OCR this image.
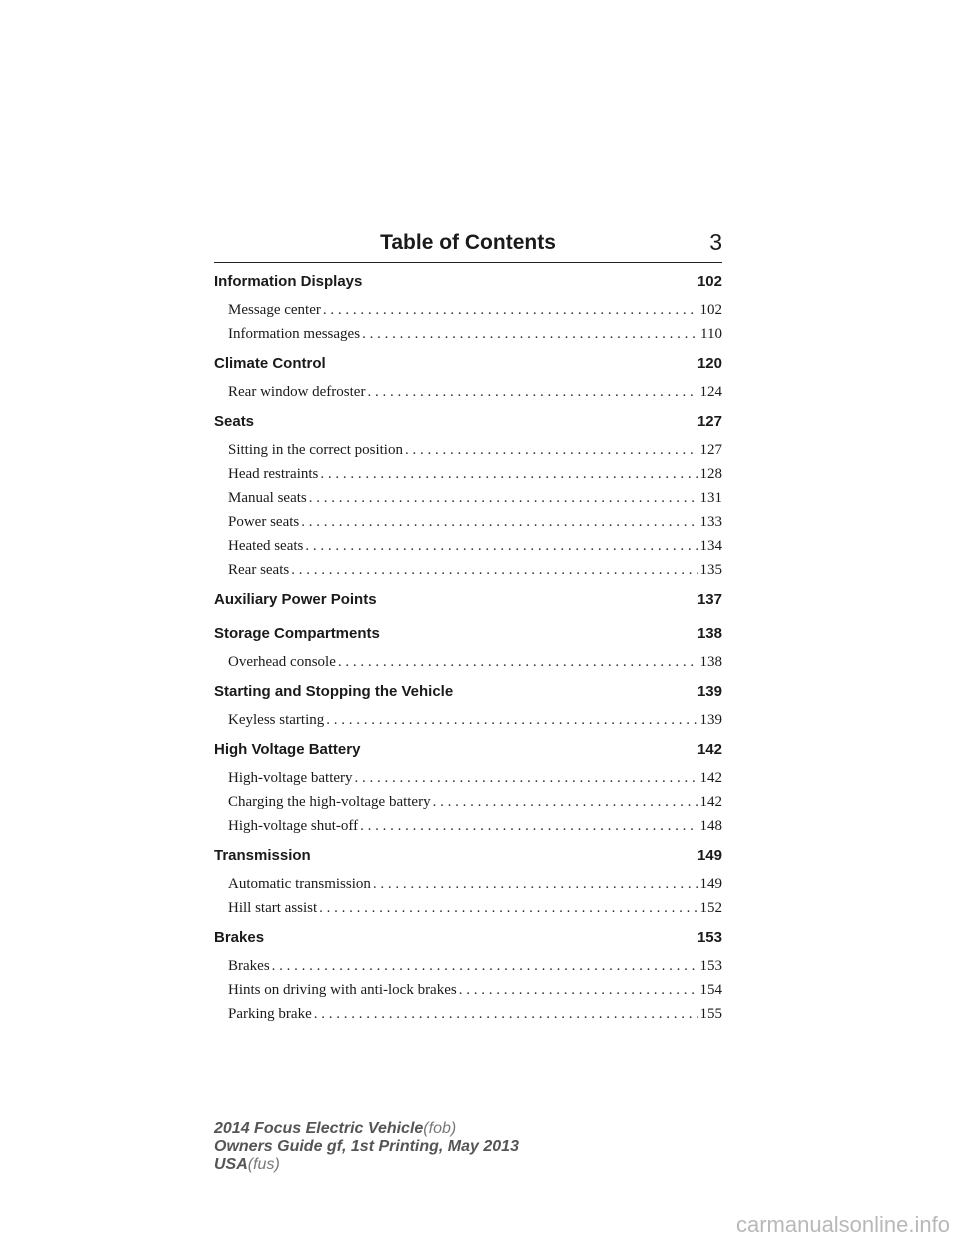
Table of Contents	3
Information Displays	102
Message center . . .	102
Information messages . . .	110
Climate Control	120
Rear window defroster . . .	124
Seats	127
Sitting in the correct position . . .	127
Head restraints . . .	128
Manual seats . . .	131
Power seats . . .	133
Heated seats . . .	134
Rear seats . . .	135
Auxiliary Power Points	137
Storage Compartments	138
Overhead console . . .	138
Starting and Stopping the Vehicle	139
Keyless starting . . .	139
High Voltage Battery	142
High-voltage battery . . .	142
Charging the high-voltage battery . . .	142
High-voltage shut-off . . .	148
Transmission	149
Automatic transmission . . .	149
Hill start assist . . .	152
Brakes	153
Brakes . . .	153
Hints on driving with anti-lock brakes . . .	154
Parking brake . . .	155
2014 Focus Electric Vehicle(fob)
Owners Guide gf, 1st Printing, May 2013
USA(fus)
carmanualsonline.info
